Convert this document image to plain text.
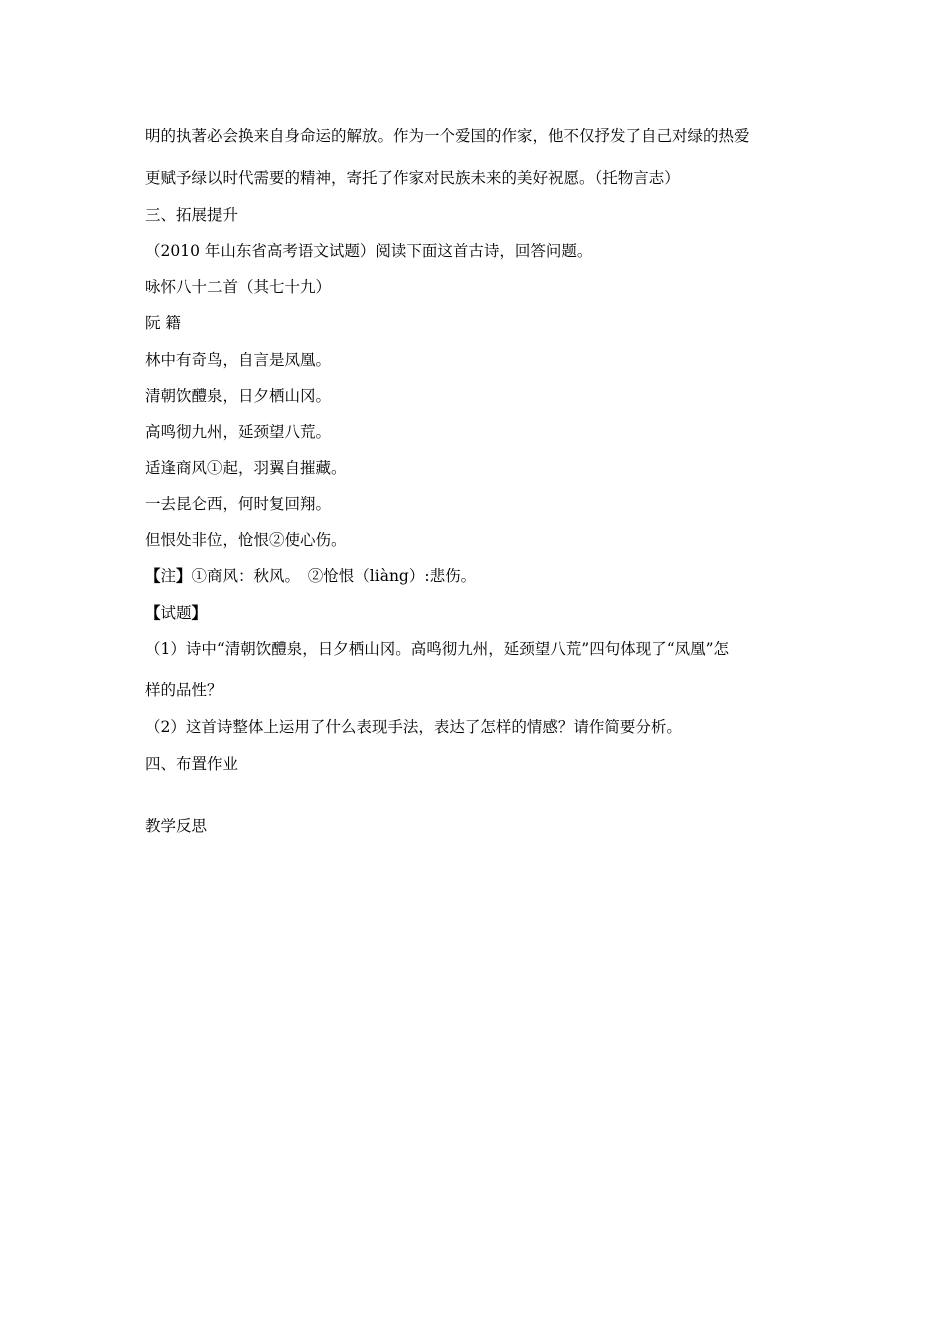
明的执著必会换来自身命运的解放。作为一个爱国的作家，他不仅抒发了自己对绿的热爱
更赋予绿以时代需要的精神，寄托了作家对民族未来的美好祝愿。（托物言志）
三、拓展提升
（2010 年山东省高考语文试题）阅读下面这首古诗，回答问题。
咏怀八十二首（其七十九）
阮 籍
林中有奇鸟，自言是凤凰。
清朝饮醴泉，日夕栖山冈。
高鸣彻九州，延颈望八荒。
适逢商风①起，羽翼自摧藏。
一去昆仑西，何时复回翔。
但恨处非位，怆恨②使心伤。
【注】①商风：秋风。　②怆恨（liàng）:悲伤。
【试题】
（1）诗中“清朝饮醴泉，日夕栖山冈。高鸣彻九州，延颈望八荒”四句体现了“凤凰”怎
样的品性？
（2）这首诗整体上运用了什么表现手法，表达了怎样的情感？请作简要分析。
四、布置作业
教学反思
